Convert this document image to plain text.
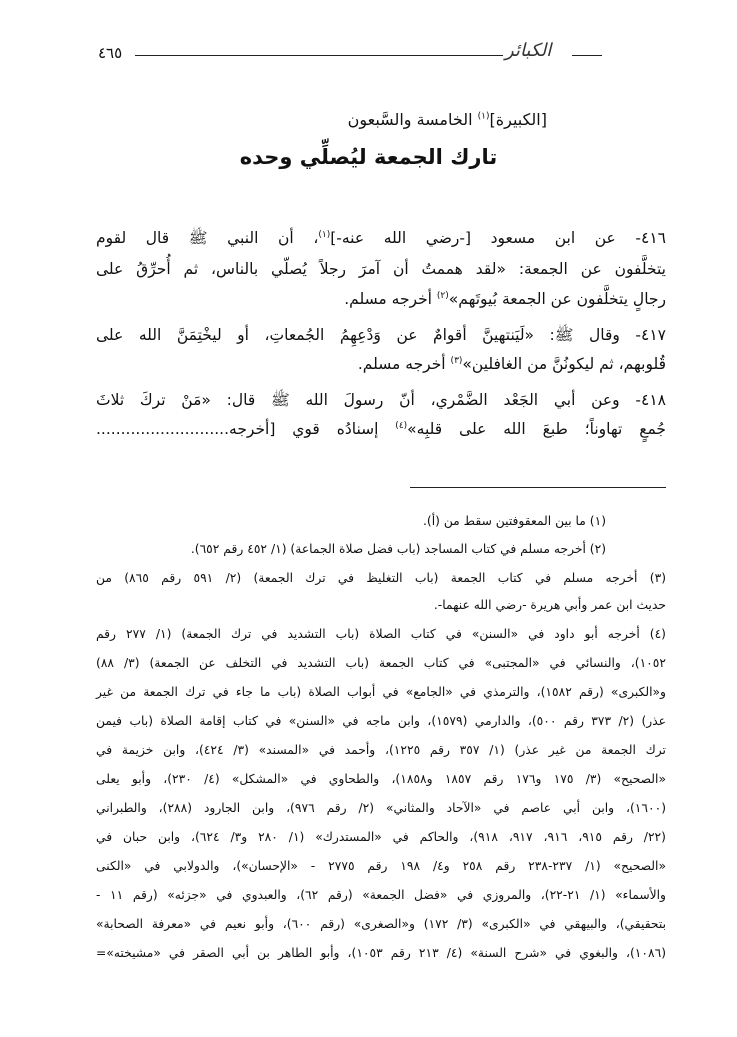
٤٦٥	الكبائر
[الكبيرة]$^{(١)}$ الخامسة والسَّبعون
تارك الجمعة ليُصلِّي وحده
٤١٦- عن ابن مسعود [-رضي الله عنه-]$^{(١)}$، أن النبي ﷺ قال لقوم
يتخلَّفون عن الجمعة: «لقد هممتُ أن آمرَ رجلاً يُصلّي بالناس، ثم أُحرِّقُ على
رجالٍ يتخلَّفون عن الجمعة بُيوتَهم»$^{(٢)}$ أخرجه مسلم.
٤١٧- وقال ﷺ: «لَيَنتهينَّ أقوامٌ عن وَدْعِهِمُ الجُمعاتِ، أو ليخْتِمَنَّ الله على
قُلوبهم، ثم ليكونُنَّ من الغافلين»$^{(٣)}$ أخرجه مسلم.
٤١٨- وعن أبي الجَعْد الضَّمْري، أنّ رسولَ الله ﷺ قال: «مَنْ تركَ ثلاثَ
جُمعٍ تهاوناً؛ طبعَ الله على قلبِه»$^{(٤)}$ إسنادُه قوي [أخرجه...........................
(١) ما بين المعقوفتين سقط من (أ).
(٢) أخرجه مسلم في كتاب المساجد (باب فضل صلاة الجماعة) (١/ ٤٥٢ رقم ٦٥٢).
(٣) أخرجه مسلم في كتاب الجمعة (باب التغليظ في ترك الجمعة) (٢/ ٥٩١ رقم ٨٦٥) من
حديث ابن عمر وأبي هريرة -رضي الله عنهما-.
(٤) أخرجه أبو داود في «السنن» في كتاب الصلاة (باب التشديد في ترك الجمعة) (١/ ٢٧٧ رقم
١٠٥٢)، والنسائي في «المجتبى» في كتاب الجمعة (باب التشديد في التخلف عن الجمعة) (٣/ ٨٨)
و«الكبرى» (رقم ١٥٨٢)، والترمذي في «الجامع» في أبواب الصلاة (باب ما جاء في ترك الجمعة من غير
عذر) (٢/ ٣٧٣ رقم ٥٠٠)، والدارمي (١٥٧٩)، وابن ماجه في «السنن» في كتاب إقامة الصلاة (باب فيمن
ترك الجمعة من غير عذر) (١/ ٣٥٧ رقم ١٢٢٥)، وأحمد في «المسند» (٣/ ٤٢٤)، وابن خزيمة في
«الصحيح» (٣/ ١٧٥ و١٧٦ رقم ١٨٥٧ و١٨٥٨)، والطحاوي في «المشكل» (٤/ ٢٣٠)، وأبو يعلى
(١٦٠٠)، وابن أبي عاصم في «الآحاد والمثاني» (٢/ رقم ٩٧٦)، وابن الجارود (٢٨٨)، والطبراني
(٢٢/ رقم ٩١٥، ٩١٦، ٩١٧، ٩١٨)، والحاكم في «المستدرك» (١/ ٢٨٠ و٣/ ٦٢٤)، وابن حبان في
«الصحيح» (١/ ٢٣٧-٢٣٨ رقم ٢٥٨ و٤/ ١٩٨ رقم ٢٧٧٥ - «الإحسان»)، والدولابي في «الكنى
والأسماء» (١/ ٢١-٢٢)، والمروزي في «فضل الجمعة» (رقم ٦٢)، والعبدوي في «جزئه» (رقم ١١ -
بتحقيقي)، والبيهقي في «الكبرى» (٣/ ١٧٢) و«الصغرى» (رقم ٦٠٠)، وأبو نعيم في «معرفة الصحابة»
(١٠٨٦)، والبغوي في «شرح السنة» (٤/ ٢١٣ رقم ١٠٥٣)، وأبو الطاهر بن أبي الصقر في «مشيخته»=
